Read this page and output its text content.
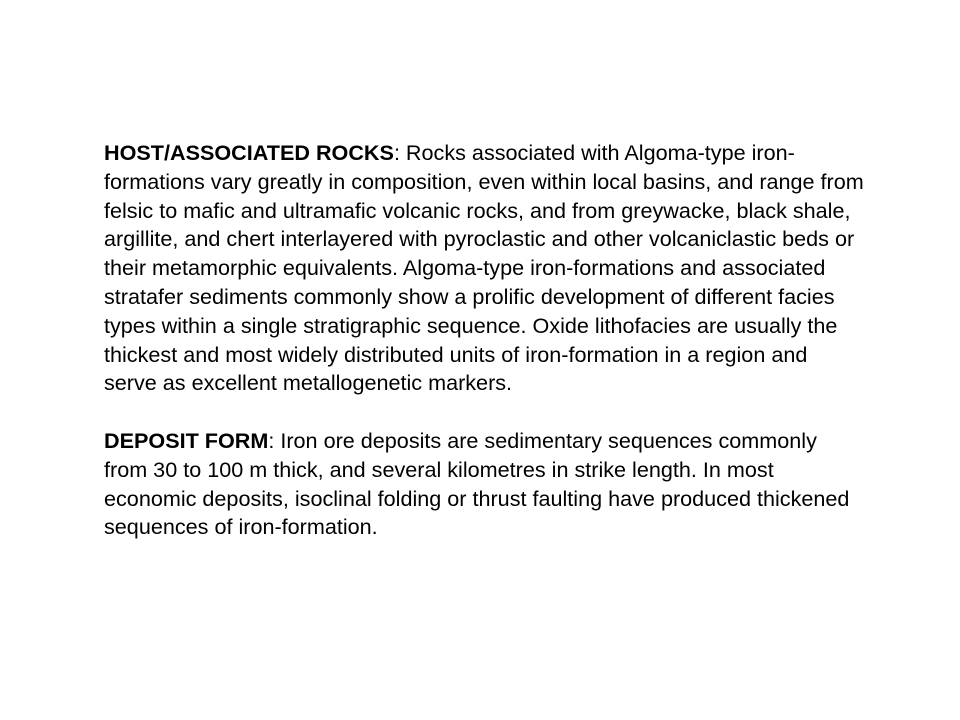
HOST/ASSOCIATED ROCKS: Rocks associated with Algoma-type iron-formations vary greatly in composition, even within local basins, and range from felsic to mafic and ultramafic volcanic rocks, and from greywacke, black shale, argillite, and chert interlayered with pyroclastic and other volcaniclastic beds or their metamorphic equivalents. Algoma-type iron-formations and associated stratafer sediments commonly show a prolific development of different facies types within a single stratigraphic sequence. Oxide lithofacies are usually the thickest and most widely distributed units of iron-formation in a region and serve as excellent metallogenetic markers.

DEPOSIT FORM: Iron ore deposits are sedimentary sequences commonly from 30 to 100 m thick, and several kilometres in strike length. In most economic deposits, isoclinal folding or thrust faulting have produced thickened sequences of iron-formation.
